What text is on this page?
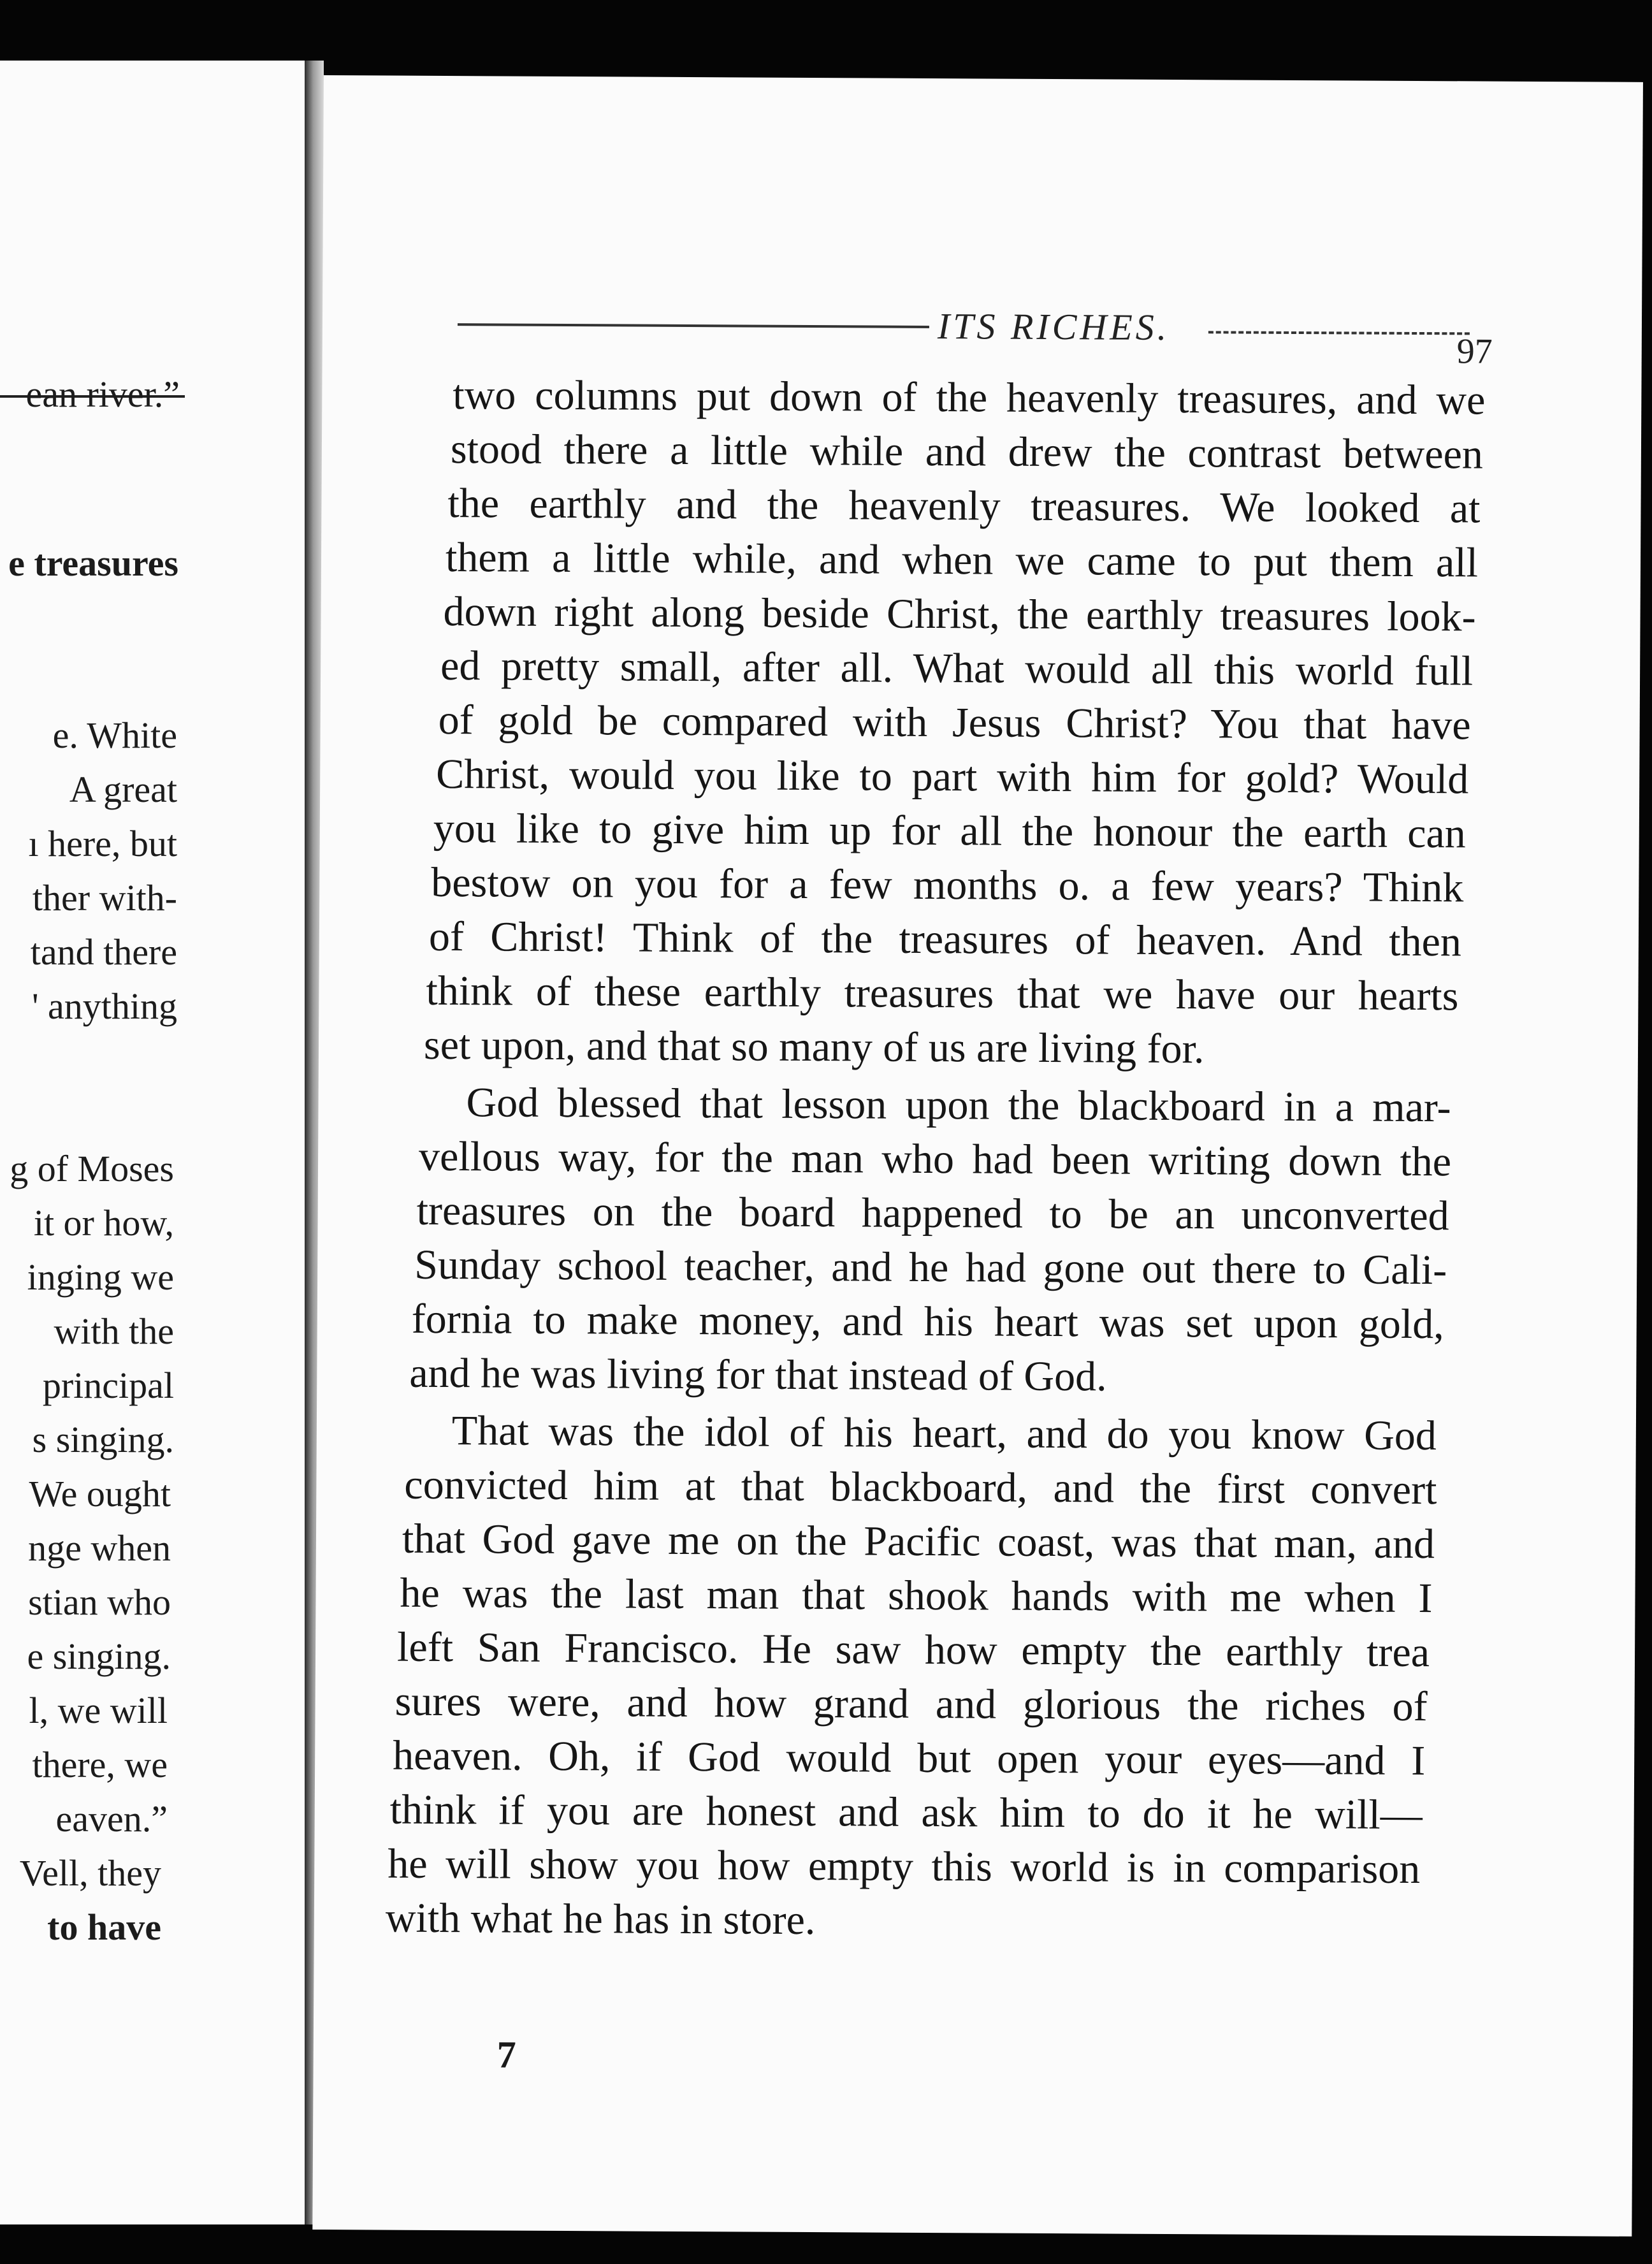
ean river.”
e treasures
e. White
A great
ı here, but
ther with-
tand there
' anything
g of Moses
it or how,
inging we
with the
principal
s singing.
We ought
nge when
stian who
e singing.
l, we will
there, we
eaven.”
Vell, they
to have
ITS RICHES.
97
two columns put down of the heavenly treasures, and we
stood there a little while and drew the contrast between
the earthly and the heavenly treasures. We looked at
them a little while, and when we came to put them all
down right along beside Christ, the earthly treasures look-
ed pretty small, after all. What would all this world full
of gold be compared with Jesus Christ? You that have
Christ, would you like to part with him for gold? Would
you like to give him up for all the honour the earth can
bestow on you for a few months o. a few years? Think
of Christ! Think of the treasures of heaven. And then
think of these earthly treasures that we have our hearts
set upon, and that so many of us are living for.
God blessed that lesson upon the blackboard in a mar-
vellous way, for the man who had been writing down the
treasures on the board happened to be an unconverted
Sunday school teacher, and he had gone out there to Cali-
fornia to make money, and his heart was set upon gold,
and he was living for that instead of God.
That was the idol of his heart, and do you know God
convicted him at that blackboard, and the first convert
that God gave me on the Pacific coast, was that man, and
he was the last man that shook hands with me when I
left San Francisco. He saw how empty the earthly trea
sures were, and how grand and glorious the riches of
heaven. Oh, if God would but open your eyes—and I
think if you are honest and ask him to do it he will—
he will show you how empty this world is in comparison
with what he has in store.
7
